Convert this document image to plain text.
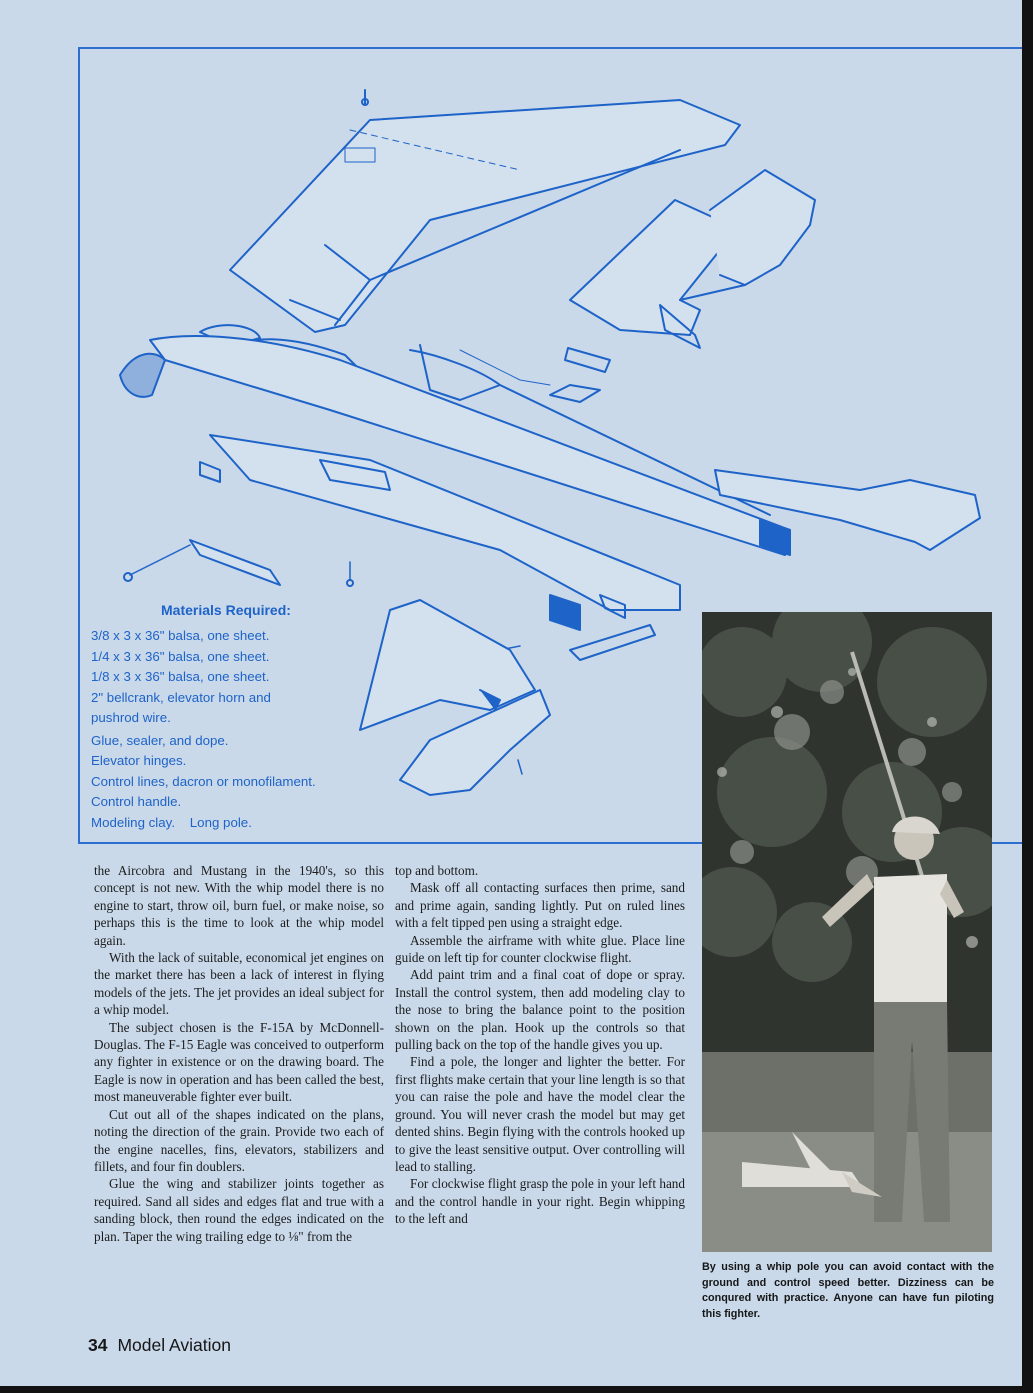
Materials Required:

3/8 x 3 x 36" balsa, one sheet.

1/4 x 3 x 36" balsa, one sheet.

1/8 x 3 x 36" balsa, one sheet.

2" bellcrank, elevator horn and

pushrod wire.

Glue, sealer, and dope.

Elevator hinges.

Control lines, dacron or monofilament.

Control handle.

Modeling clay.    Long pole.

the Aircobra and Mustang in the 1940's, so this concept is not new. With the whip model there is no engine to start, throw oil, burn fuel, or make noise, so perhaps this is the time to look at the whip model again.

With the lack of suitable, economical jet engines on the market there has been a lack of interest in flying models of the jets. The jet provides an ideal subject for a whip model.

The subject chosen is the F-15A by McDonnell-Douglas. The F-15 Eagle was conceived to outperform any fighter in existence or on the drawing board. The Eagle is now in operation and has been called the best, most maneuverable fighter ever built.

Cut out all of the shapes indicated on the plans, noting the direction of the grain. Provide two each of the engine nacelles, fins, elevators, stabilizers and fillets, and four fin doublers.

Glue the wing and stabilizer joints together as required. Sand all sides and edges flat and true with a sanding block, then round the edges indicated on the plan. Taper the wing trailing edge to ⅛" from the

top and bottom.

Mask off all contacting surfaces then prime, sand and prime again, sanding lightly. Put on ruled lines with a felt tipped pen using a straight edge.

Assemble the airframe with white glue. Place line guide on left tip for counter clockwise flight.

Add paint trim and a final coat of dope or spray. Install the control system, then add modeling clay to the nose to bring the balance point to the position shown on the plan. Hook up the controls so that pulling back on the top of the handle gives you up.

Find a pole, the longer and lighter the better. For first flights make certain that your line length is so that you can raise the pole and have the model clear the ground. You will never crash the model but may get dented shins. Begin flying with the controls hooked up to give the least sensitive output. Over controlling will lead to stalling.

For clockwise flight grasp the pole in your left hand and the control handle in your right. Begin whipping to the left and

By using a whip pole you can avoid contact with the ground and control speed better. Dizziness can be conqured with practice. Anyone can have fun piloting this fighter.
34 Model Aviation
